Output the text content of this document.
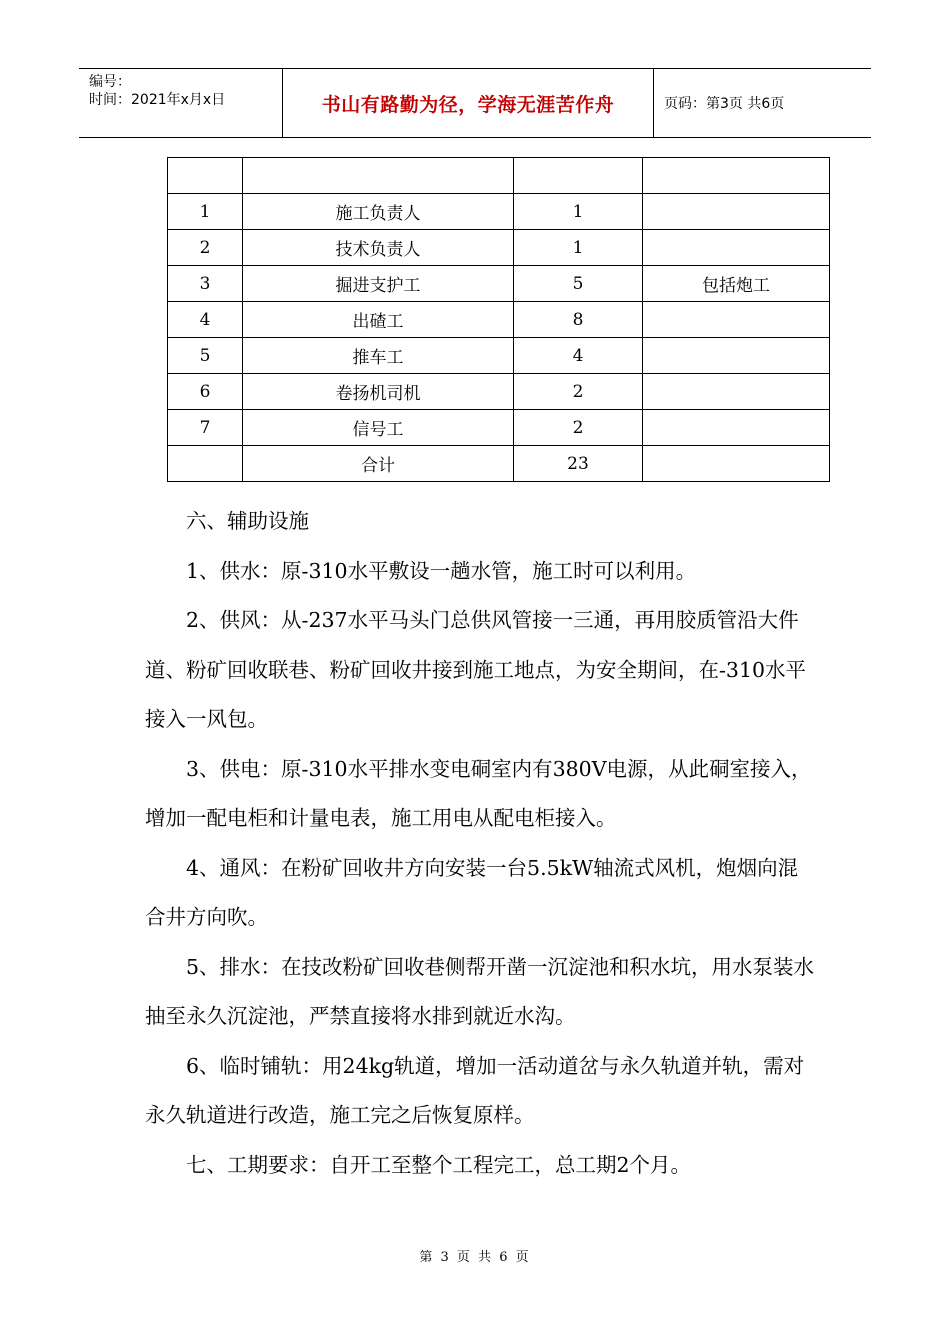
编号：
时间：2021年x月x日	书山有路勤为径，学海无涯苦作舟	页码：第3页 共6页

1	施工负责人	1	
2	技术负责人	1	
3	掘进支护工	5	包括炮工
4	出碴工	8	
5	推车工	4	
6	卷扬机司机	2	
7	信号工	2	
	合计	23	

六、辅助设施

1、供水：原-310水平敷设一趟水管，施工时可以利用。

2、供风：从-237水平马头门总供风管接一三通，再用胶质管沿大件道、粉矿回收联巷、粉矿回收井接到施工地点，为安全期间，在-310水平接入一风包。

3、供电：原-310水平排水变电硐室内有380V电源，从此硐室接入，增加一配电柜和计量电表，施工用电从配电柜接入。

4、通风：在粉矿回收井方向安装一台5.5kW轴流式风机，炮烟向混合井方向吹。

5、排水：在技改粉矿回收巷侧帮开凿一沉淀池和积水坑，用水泵装水抽至永久沉淀池，严禁直接将水排到就近水沟。

6、临时铺轨：用24kg轨道，增加一活动道岔与永久轨道并轨，需对永久轨道进行改造，施工完之后恢复原样。

七、工期要求：自开工至整个工程完工，总工期2个月。

第 3 页 共 6 页
